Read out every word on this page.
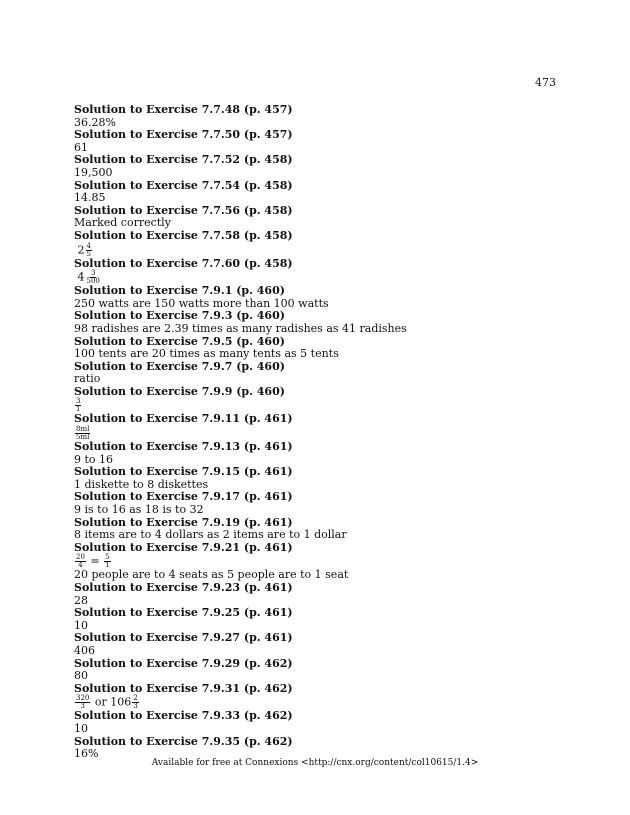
473
Solution to Exercise 7.7.48 (p. 457)
36.28%
Solution to Exercise 7.7.50 (p. 457)
61
Solution to Exercise 7.7.52 (p. 458)
19,500
Solution to Exercise 7.7.54 (p. 458)
14.85
Solution to Exercise 7.7.56 (p. 458)
Marked correctly
Solution to Exercise 7.7.58 (p. 458)
$2 \frac{4}{5}$
Solution to Exercise 7.7.60 (p. 458)
$4 \frac{3}{500}$
Solution to Exercise 7.9.1 (p. 460)
250 watts are 150 watts more than 100 watts
Solution to Exercise 7.9.3 (p. 460)
98 radishes are 2.39 times as many radishes as 41 radishes
Solution to Exercise 7.9.5 (p. 460)
100 tents are 20 times as many tents as 5 tents
Solution to Exercise 7.9.7 (p. 460)
ratio
Solution to Exercise 7.9.9 (p. 460)
$\frac{3}{1}$
Solution to Exercise 7.9.11 (p. 461)
$\frac{8ml}{5ml}$
Solution to Exercise 7.9.13 (p. 461)
9 to 16
Solution to Exercise 7.9.15 (p. 461)
1 diskette to 8 diskettes
Solution to Exercise 7.9.17 (p. 461)
9 is to 16 as 18 is to 32
Solution to Exercise 7.9.19 (p. 461)
8 items are to 4 dollars as 2 items are to 1 dollar
Solution to Exercise 7.9.21 (p. 461)
$\frac{20}{4} = \frac{5}{1}$
20 people are to 4 seats as 5 people are to 1 seat
Solution to Exercise 7.9.23 (p. 461)
28
Solution to Exercise 7.9.25 (p. 461)
10
Solution to Exercise 7.9.27 (p. 461)
406
Solution to Exercise 7.9.29 (p. 462)
80
Solution to Exercise 7.9.31 (p. 462)
$\frac{320}{3}$ or $106 \frac{2}{3}$
Solution to Exercise 7.9.33 (p. 462)
10
Solution to Exercise 7.9.35 (p. 462)
16%
Available for free at Connexions <http://cnx.org/content/col10615/1.4>
